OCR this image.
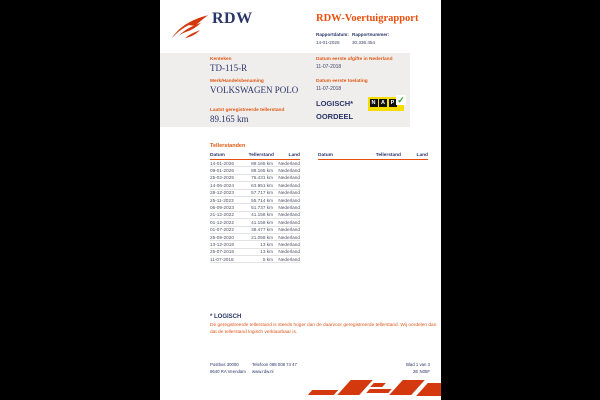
RDW	RDW-Voertuigrapport
Rapportdatum:
14-01-2026
Rapportnummer:
30.336.454
Kenteken
TD-115-R
Merk/Handelsbenaming
VOLKSWAGEN POLO
Laatst geregistreerde tellerstand
89.165 km
Datum eerste afgifte in Nederland
11-07-2018
Datum eerste toelating
11-07-2018
LOGISCH*
OORDEEL
N	A	P ✓
Tellerstanden
Datum	Tellerstand	Land
14-01-2026	89.165 km	Nederland
09-01-2026	89.165 km	Nederland
25-02-2025	76.431 km	Nederland
14-06-2024	63.951 km	Nederland
28-12-2023	57.717 km	Nederland
25-11-2023	55.714 km	Nederland
06-09-2023	51.737 km	Nederland
21-12-2022	41.158 km	Nederland
01-12-2022	41.158 km	Nederland
01-07-2022	38.477 km	Nederland
25-09-2020	21.059 km	Nederland
13-12-2018	13 km	Nederland
25-07-2018	13 km	Nederland
11-07-2018	5 km	Nederland
Datum	Tellerstand	Land
* LOGISCH
De geregistreerde tellerstand is steeds hoger dan de daarvoor geregistreerde tellerstand. Wij oordelen dan
dat de tellerstand logisch verklaarbaar is.
Postbus 30000
9640 RA Veendam
Telefoon 088 008 74 47
www.rdw.nl
Blad 1 van 3
2E N05F
